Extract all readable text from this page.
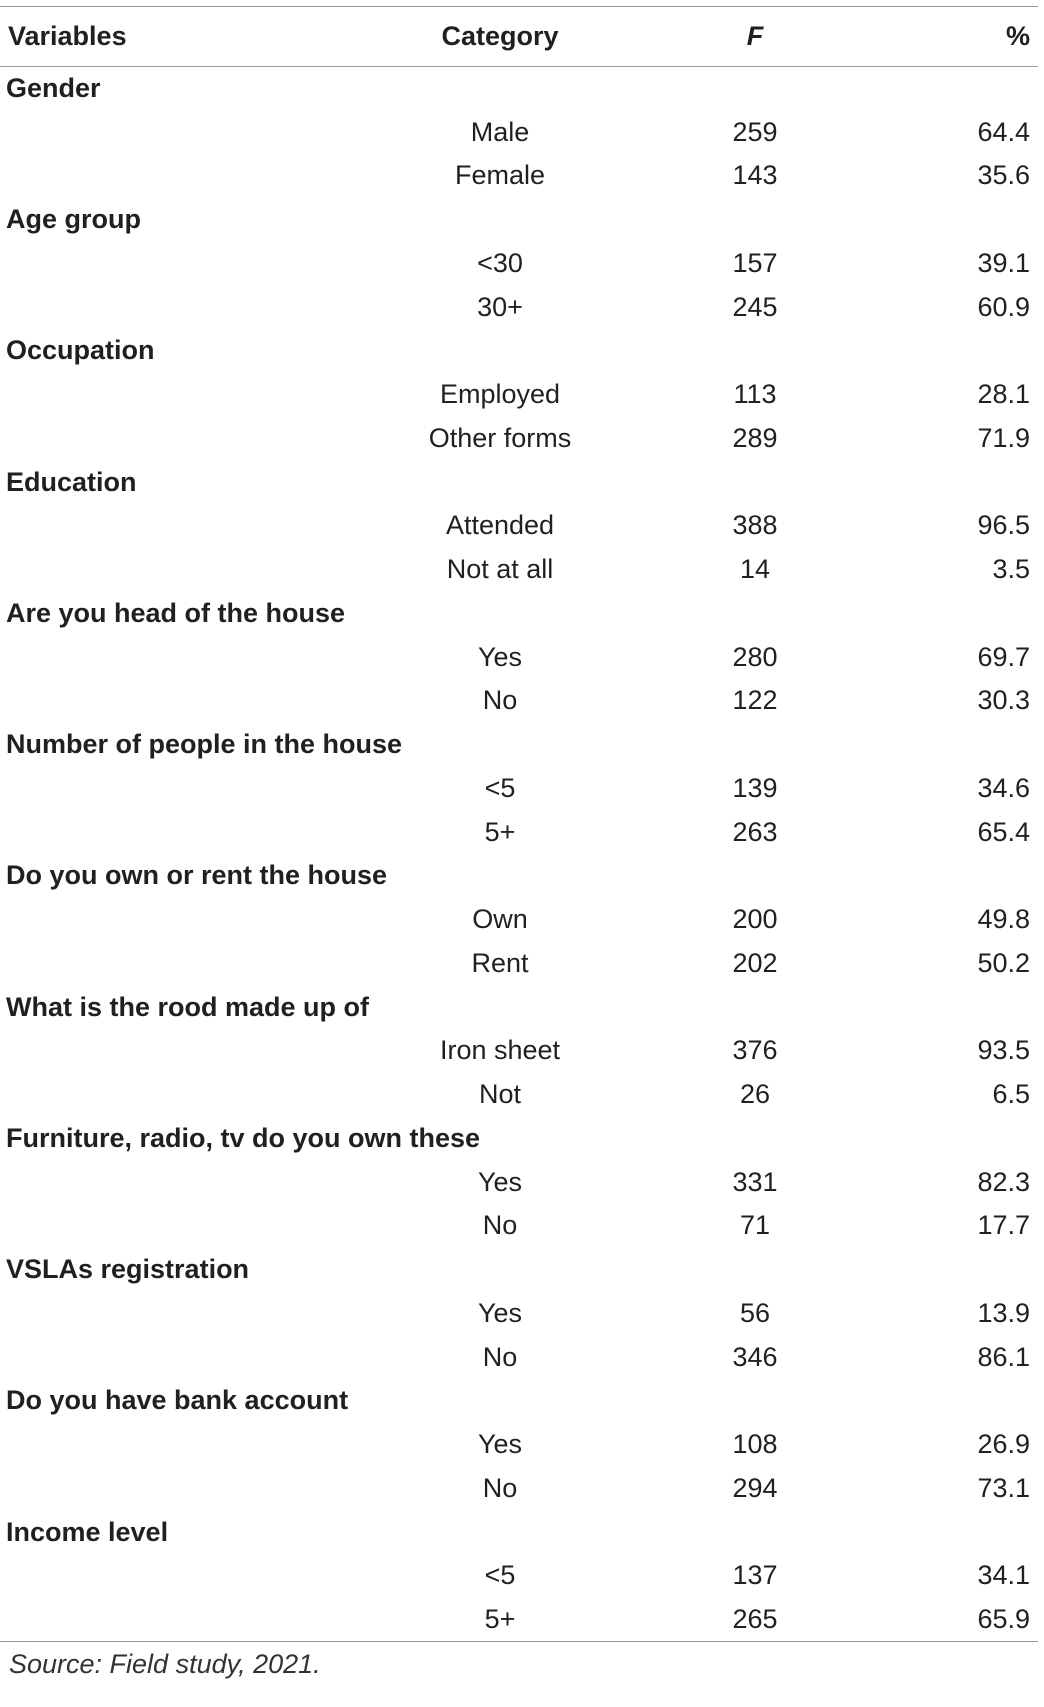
Variables	Category	F	%
Gender			
	Male	259	64.4
	Female	143	35.6
Age group			
	<30	157	39.1
	30+	245	60.9
Occupation			
	Employed	113	28.1
	Other forms	289	71.9
Education			
	Attended	388	96.5
	Not at all	14	3.5
Are you head of the house			
	Yes	280	69.7
	No	122	30.3
Number of people in the house			
	<5	139	34.6
	5+	263	65.4
Do you own or rent the house			
	Own	200	49.8
	Rent	202	50.2
What is the rood made up of			
	Iron sheet	376	93.5
	Not	26	6.5
Furniture, radio, tv do you own these			
	Yes	331	82.3
	No	71	17.7
VSLAs registration			
	Yes	56	13.9
	No	346	86.1
Do you have bank account			
	Yes	108	26.9
	No	294	73.1
Income level			
	<5	137	34.1
	5+	265	65.9
Source: Field study, 2021.			
